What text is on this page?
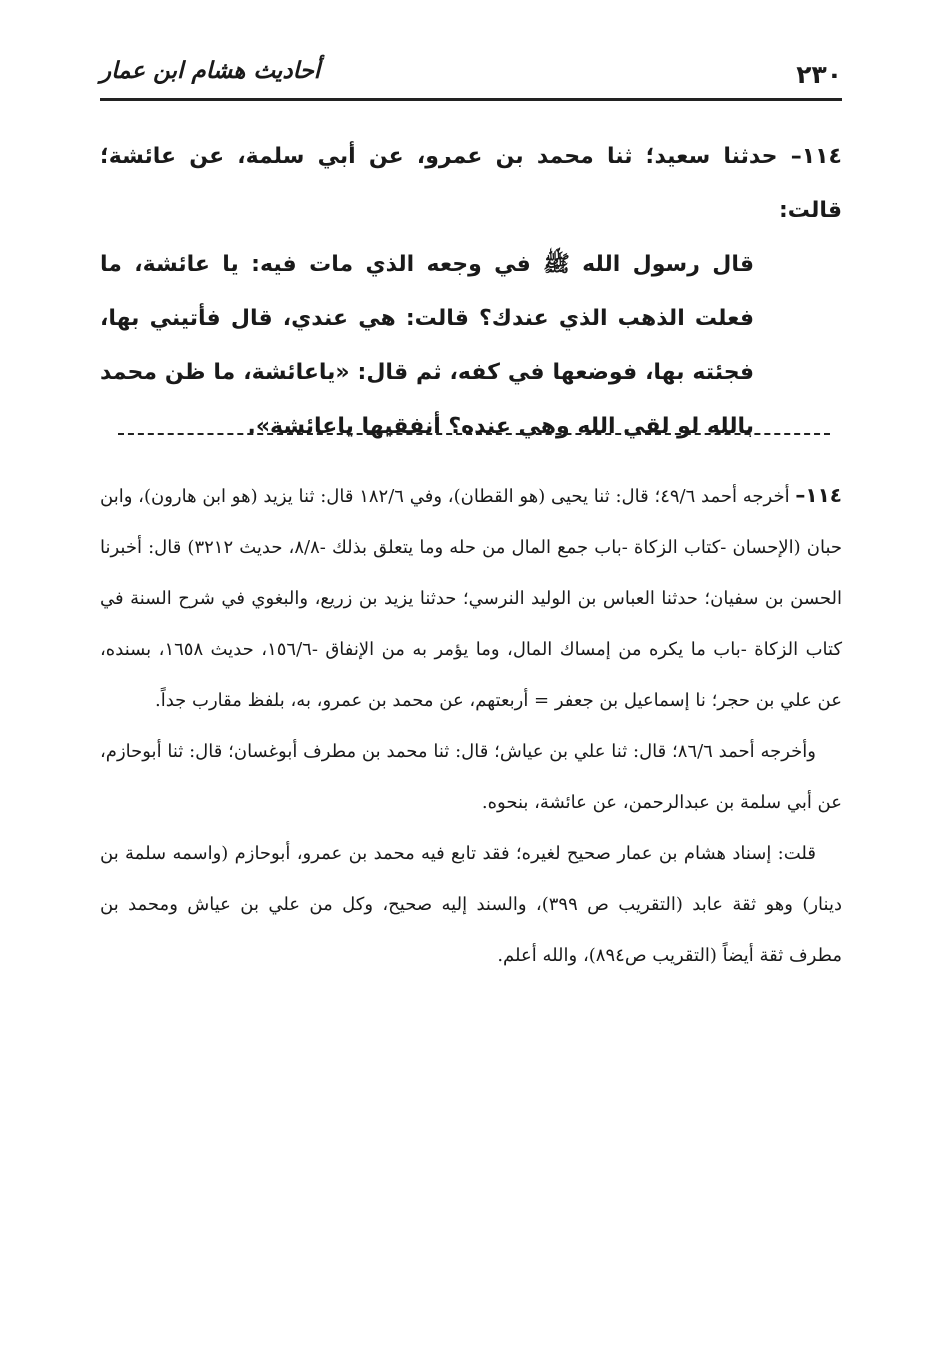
٢٣٠
أحاديث هشام ابن عمار
١١٤– حدثنا سعيد؛ ثنا محمد بن عمرو، عن أبي سلمة، عن عائشة؛ قالت:
قال رسول الله ﷺ في وجعه الذي مات فيه: يا عائشة، ما فعلت الذهب الذي عندك؟ قالت: هي عندي، قال فأتيني بها، فجئته بها، فوضعها في كفه، ثم قال: «ياعائشة، ما ظن محمد بالله لو لقي الله وهي عنده؟ أنفقيها ياعائشة».

١١٤– أخرجه أحمد ٤٩/٦؛ قال: ثنا يحيى (هو القطان)، وفي ١٨٢/٦ قال: ثنا يزيد (هو ابن هارون)، وابن حبان (الإحسان -كتاب الزكاة -باب جمع المال من حله وما يتعلق بذلك -٨/٨، حديث ٣٢١٢) قال: أخبرنا الحسن بن سفيان؛ حدثنا العباس بن الوليد النرسي؛ حدثنا يزيد بن زريع، والبغوي في شرح السنة في كتاب الزكاة -باب ما يكره من إمساك المال، وما يؤمر به من الإنفاق -١٥٦/٦، حديث ١٦٥٨، بسنده، عن علي بن حجر؛ نا إسماعيل بن جعفر = أربعتهم، عن محمد بن عمرو، به، بلفظ مقارب جداً.

وأخرجه أحمد ٨٦/٦؛ قال: ثنا علي بن عياش؛ قال: ثنا محمد بن مطرف أبوغسان؛ قال: ثنا أبوحازم، عن أبي سلمة بن عبدالرحمن، عن عائشة، بنحوه.

قلت: إسناد هشام بن عمار صحيح لغيره؛ فقد تابع فيه محمد بن عمرو، أبوحازم (واسمه سلمة بن دينار) وهو ثقة عابد (التقريب ص ٣٩٩)، والسند إليه صحيح، وكل من علي بن عياش ومحمد بن مطرف ثقة أيضاً (التقريب ص٨٩٤)، والله أعلم.
